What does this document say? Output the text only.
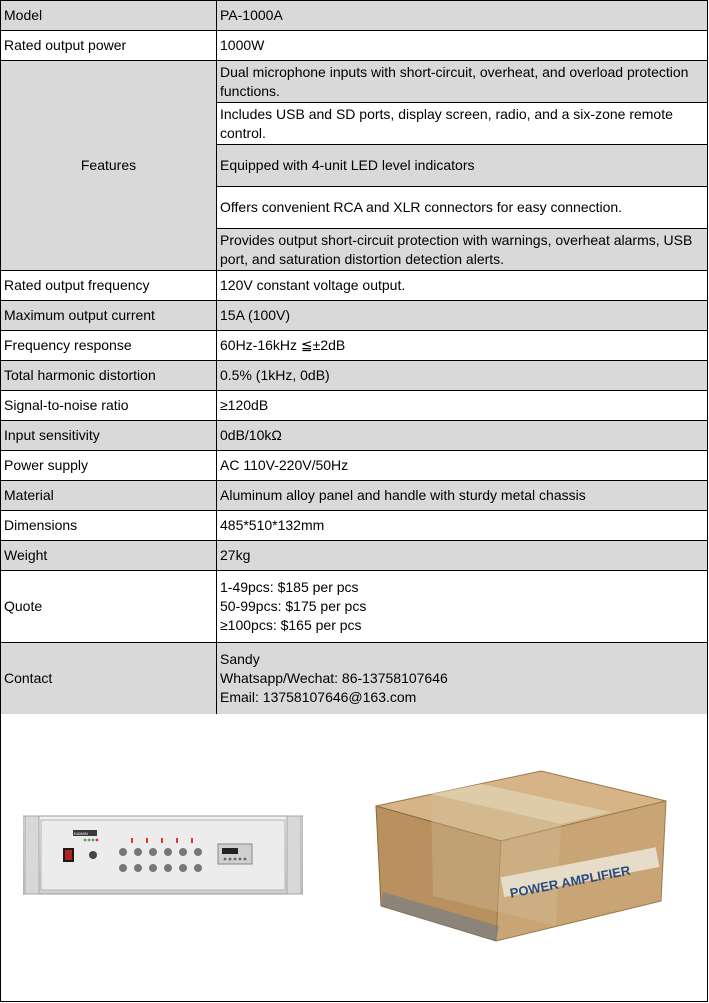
Model	PA-1000A
Rated output power	1000W
Features	Dual microphone inputs with short-circuit, overheat, and overload protection functions.
	Includes USB and SD ports, display screen, radio, and a six-zone remote control.
	Equipped with 4-unit LED level indicators
	Offers convenient RCA and XLR connectors for easy connection.
	Provides output short-circuit protection with warnings, overheat alarms, USB port, and saturation distortion detection alerts.
Rated output frequency	120V constant voltage output.
Maximum output current	15A (100V)
Frequency response	60Hz-16kHz ≦±2dB
Total harmonic distortion	0.5% (1kHz, 0dB)
Signal-to-noise ratio	≥120dB
Input sensitivity	0dB/10kΩ
Power supply	AC 110V-220V/50Hz
Material	Aluminum alloy panel and handle with sturdy metal chassis
Dimensions	485*510*132mm
Weight	27kg
Quote	1-49pcs: $185 per pcs
50-99pcs: $175 per pcs
≥100pcs: $165 per pcs

Contact	Sandy
Whatsapp/Wechat: 86-13758107646
Email: 13758107646@163.com
KAIMIN
POWER AMPLIFIER
